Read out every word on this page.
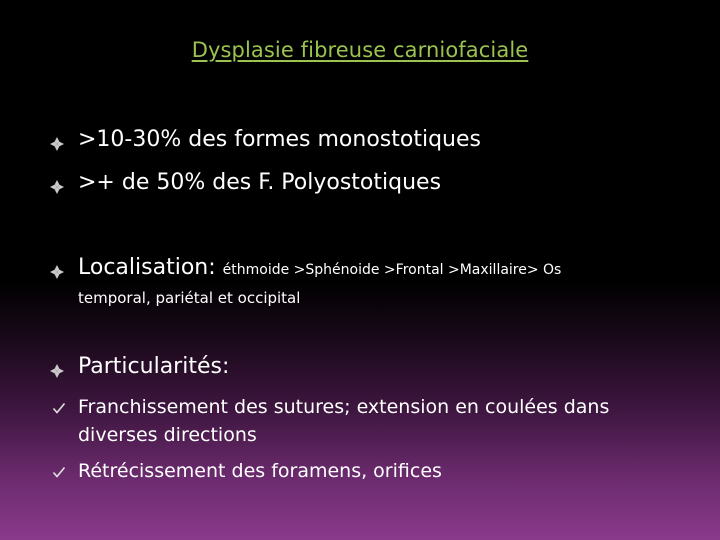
Dysplasie fibreuse carniofaciale
>10-30% des formes monostotiques
>+ de 50% des F. Polyostotiques
Localisation: éthmoide >Sphénoide >Frontal >Maxillaire> Os
temporal, pariétal et occipital
Particularités:
Franchissement des sutures; extension en coulées dans
diverses directions
Rétrécissement des foramens, orifices
